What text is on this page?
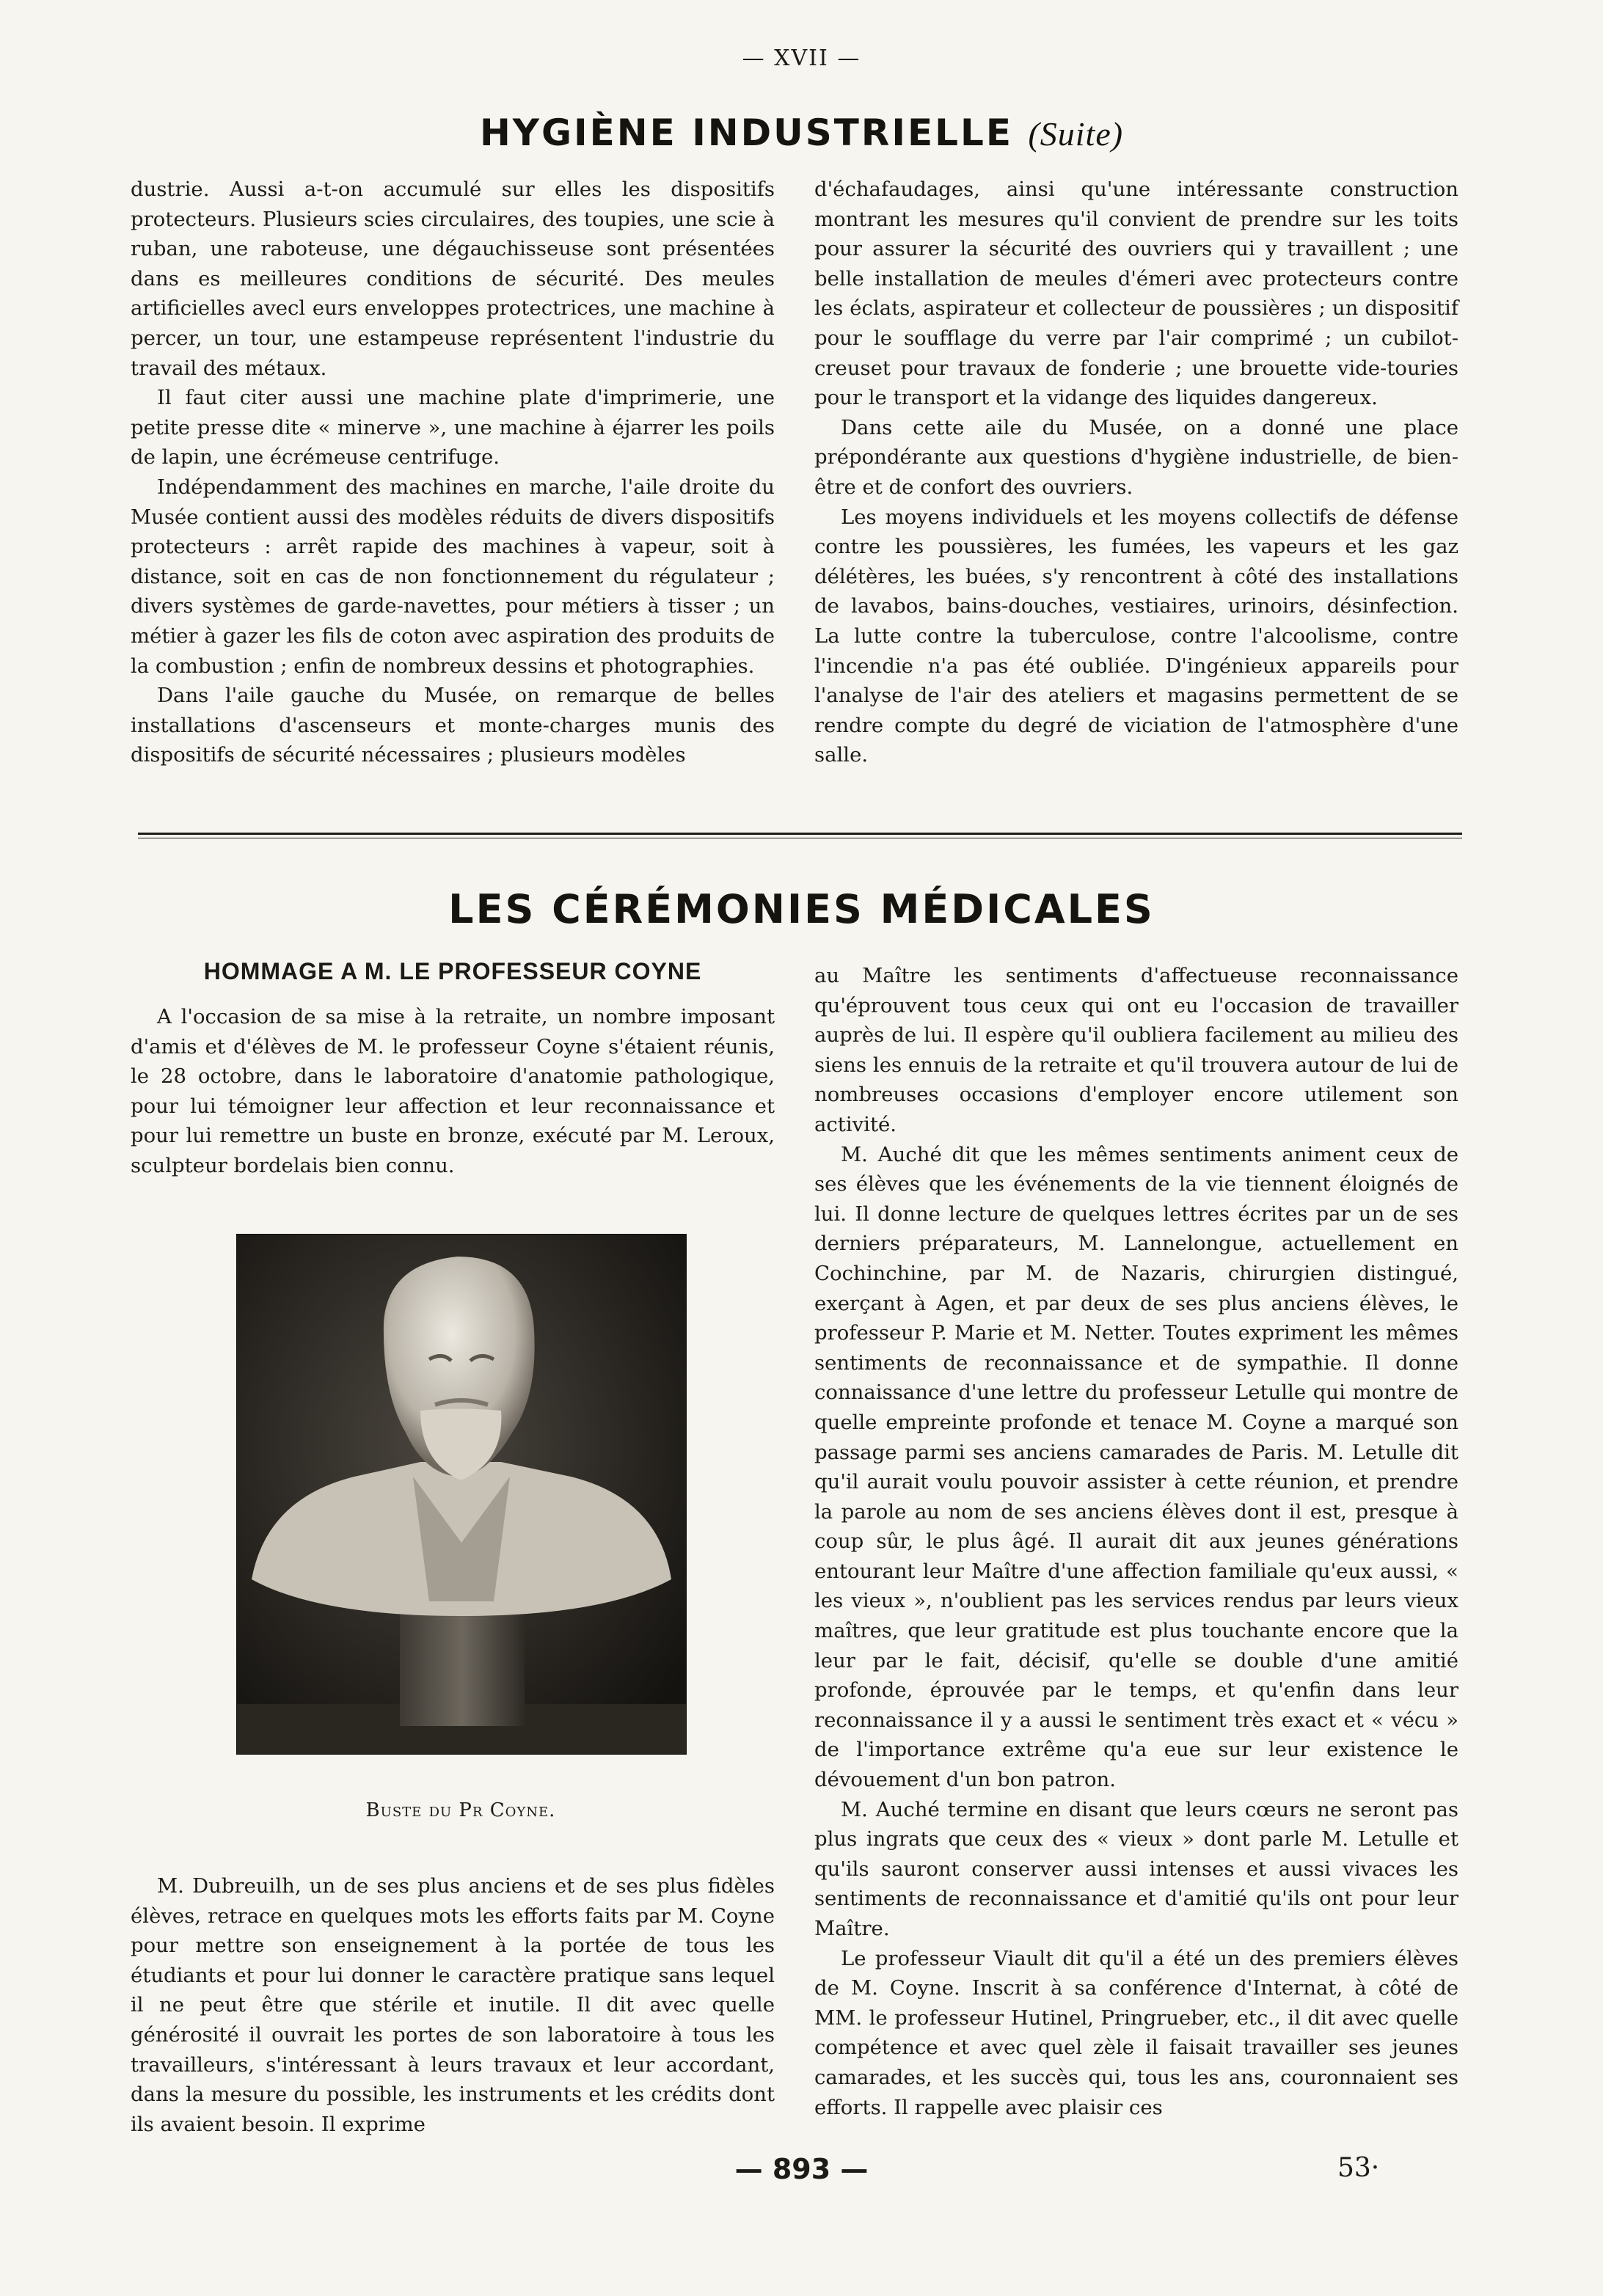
— XVII —
HYGIÈNE INDUSTRIELLE (Suite)

dustrie. Aussi a-t-on accumulé sur elles les dispositifs protecteurs. Plusieurs scies circulaires, des toupies, une scie à ruban, une raboteuse, une dégauchisseuse sont présentées dans es meilleures conditions de sécurité. Des meules artificielles avecl eurs enveloppes protectrices, une machine à percer, un tour, une estampeuse représentent l'industrie du travail des métaux.

Il faut citer aussi une machine plate d'imprimerie, une petite presse dite « minerve », une machine à éjarrer les poils de lapin, une écrémeuse centrifuge.

Indépendamment des machines en marche, l'aile droite du Musée contient aussi des modèles réduits de divers dispositifs protecteurs : arrêt rapide des machines à vapeur, soit à distance, soit en cas de non fonctionnement du régulateur ; divers systèmes de garde-navettes, pour métiers à tisser ; un métier à gazer les fils de coton avec aspiration des produits de la combustion ; enfin de nombreux dessins et photographies.

Dans l'aile gauche du Musée, on remarque de belles installations d'ascenseurs et monte-charges munis des dispositifs de sécurité nécessaires ; plusieurs modèles

d'échafaudages, ainsi qu'une intéressante construction montrant les mesures qu'il convient de prendre sur les toits pour assurer la sécurité des ouvriers qui y travaillent ; une belle installation de meules d'émeri avec protecteurs contre les éclats, aspirateur et collecteur de poussières ; un dispositif pour le soufflage du verre par l'air comprimé ; un cubilot-creuset pour travaux de fonderie ; une brouette vide-touries pour le transport et la vidange des liquides dangereux.

Dans cette aile du Musée, on a donné une place prépondérante aux questions d'hygiène industrielle, de bien-être et de confort des ouvriers.

Les moyens individuels et les moyens collectifs de défense contre les poussières, les fumées, les vapeurs et les gaz délétères, les buées, s'y rencontrent à côté des installations de lavabos, bains-douches, vestiaires, urinoirs, désinfection. La lutte contre la tuberculose, contre l'alcoolisme, contre l'incendie n'a pas été oubliée. D'ingénieux appareils pour l'analyse de l'air des ateliers et magasins permettent de se rendre compte du degré de viciation de l'atmosphère d'une salle.

LES CÉRÉMONIES MÉDICALES
HOMMAGE A M. LE PROFESSEUR COYNE

A l'occasion de sa mise à la retraite, un nombre imposant d'amis et d'élèves de M. le professeur Coyne s'étaient réunis, le 28 octobre, dans le laboratoire d'anatomie pathologique, pour lui témoigner leur affection et leur reconnaissance et pour lui remettre un buste en bronze, exécuté par M. Leroux, sculpteur bordelais bien connu.

Buste du Pr Coyne.

M. Dubreuilh, un de ses plus anciens et de ses plus fidèles élèves, retrace en quelques mots les efforts faits par M. Coyne pour mettre son enseignement à la portée de tous les étudiants et pour lui donner le caractère pratique sans lequel il ne peut être que stérile et inutile. Il dit avec quelle générosité il ouvrait les portes de son laboratoire à tous les travailleurs, s'intéressant à leurs travaux et leur accordant, dans la mesure du possible, les instruments et les crédits dont ils avaient besoin. Il exprime

au Maître les sentiments d'affectueuse reconnaissance qu'éprouvent tous ceux qui ont eu l'occasion de travailler auprès de lui. Il espère qu'il oubliera facilement au milieu des siens les ennuis de la retraite et qu'il trouvera autour de lui de nombreuses occasions d'employer encore utilement son activité.

M. Auché dit que les mêmes sentiments animent ceux de ses élèves que les événements de la vie tiennent éloignés de lui. Il donne lecture de quelques lettres écrites par un de ses derniers préparateurs, M. Lannelongue, actuellement en Cochinchine, par M. de Nazaris, chirurgien distingué, exerçant à Agen, et par deux de ses plus anciens élèves, le professeur P. Marie et M. Netter. Toutes expriment les mêmes sentiments de reconnaissance et de sympathie. Il donne connaissance d'une lettre du professeur Letulle qui montre de quelle empreinte profonde et tenace M. Coyne a marqué son passage parmi ses anciens camarades de Paris. M. Letulle dit qu'il aurait voulu pouvoir assister à cette réunion, et prendre la parole au nom de ses anciens élèves dont il est, presque à coup sûr, le plus âgé. Il aurait dit aux jeunes générations entourant leur Maître d'une affection familiale qu'eux aussi, « les vieux », n'oublient pas les services rendus par leurs vieux maîtres, que leur gratitude est plus touchante encore que la leur par le fait, décisif, qu'elle se double d'une amitié profonde, éprouvée par le temps, et qu'enfin dans leur reconnaissance il y a aussi le sentiment très exact et « vécu » de l'importance extrême qu'a eue sur leur existence le dévouement d'un bon patron.

M. Auché termine en disant que leurs cœurs ne seront pas plus ingrats que ceux des « vieux » dont parle M. Letulle et qu'ils sauront conserver aussi intenses et aussi vivaces les sentiments de reconnaissance et d'amitié qu'ils ont pour leur Maître.

Le professeur Viault dit qu'il a été un des premiers élèves de M. Coyne. Inscrit à sa conférence d'Internat, à côté de MM. le professeur Hutinel, Pringrueber, etc., il dit avec quelle compétence et avec quel zèle il faisait travailler ses jeunes camarades, et les succès qui, tous les ans, couronnaient ses efforts. Il rappelle avec plaisir ces

— 893 —	53·
